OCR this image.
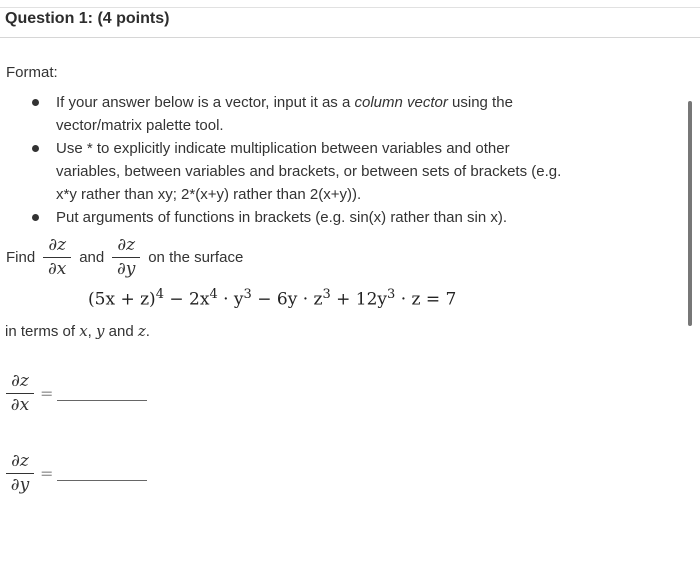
Question 1: (4 points)
Format:
If your answer below is a vector, input it as a column vector using the vector/matrix palette tool.
Use * to explicitly indicate multiplication between variables and other variables, between variables and brackets, or between sets of brackets (e.g. x*y rather than xy; 2*(x+y) rather than 2(x+y)).
Put arguments of functions in brackets (e.g. sin(x) rather than sin x).
Find $\frac{\partial z}{\partial x}$ and $\frac{\partial z}{\partial y}$ on the surface
$(5x + z)^4 - 2x^4 \cdot y^3 - 6y \cdot z^3 + 12y^3 \cdot z = 7$
in terms of x, y and z.
$\frac{\partial z}{\partial x}$ =
$\frac{\partial z}{\partial y}$ =
